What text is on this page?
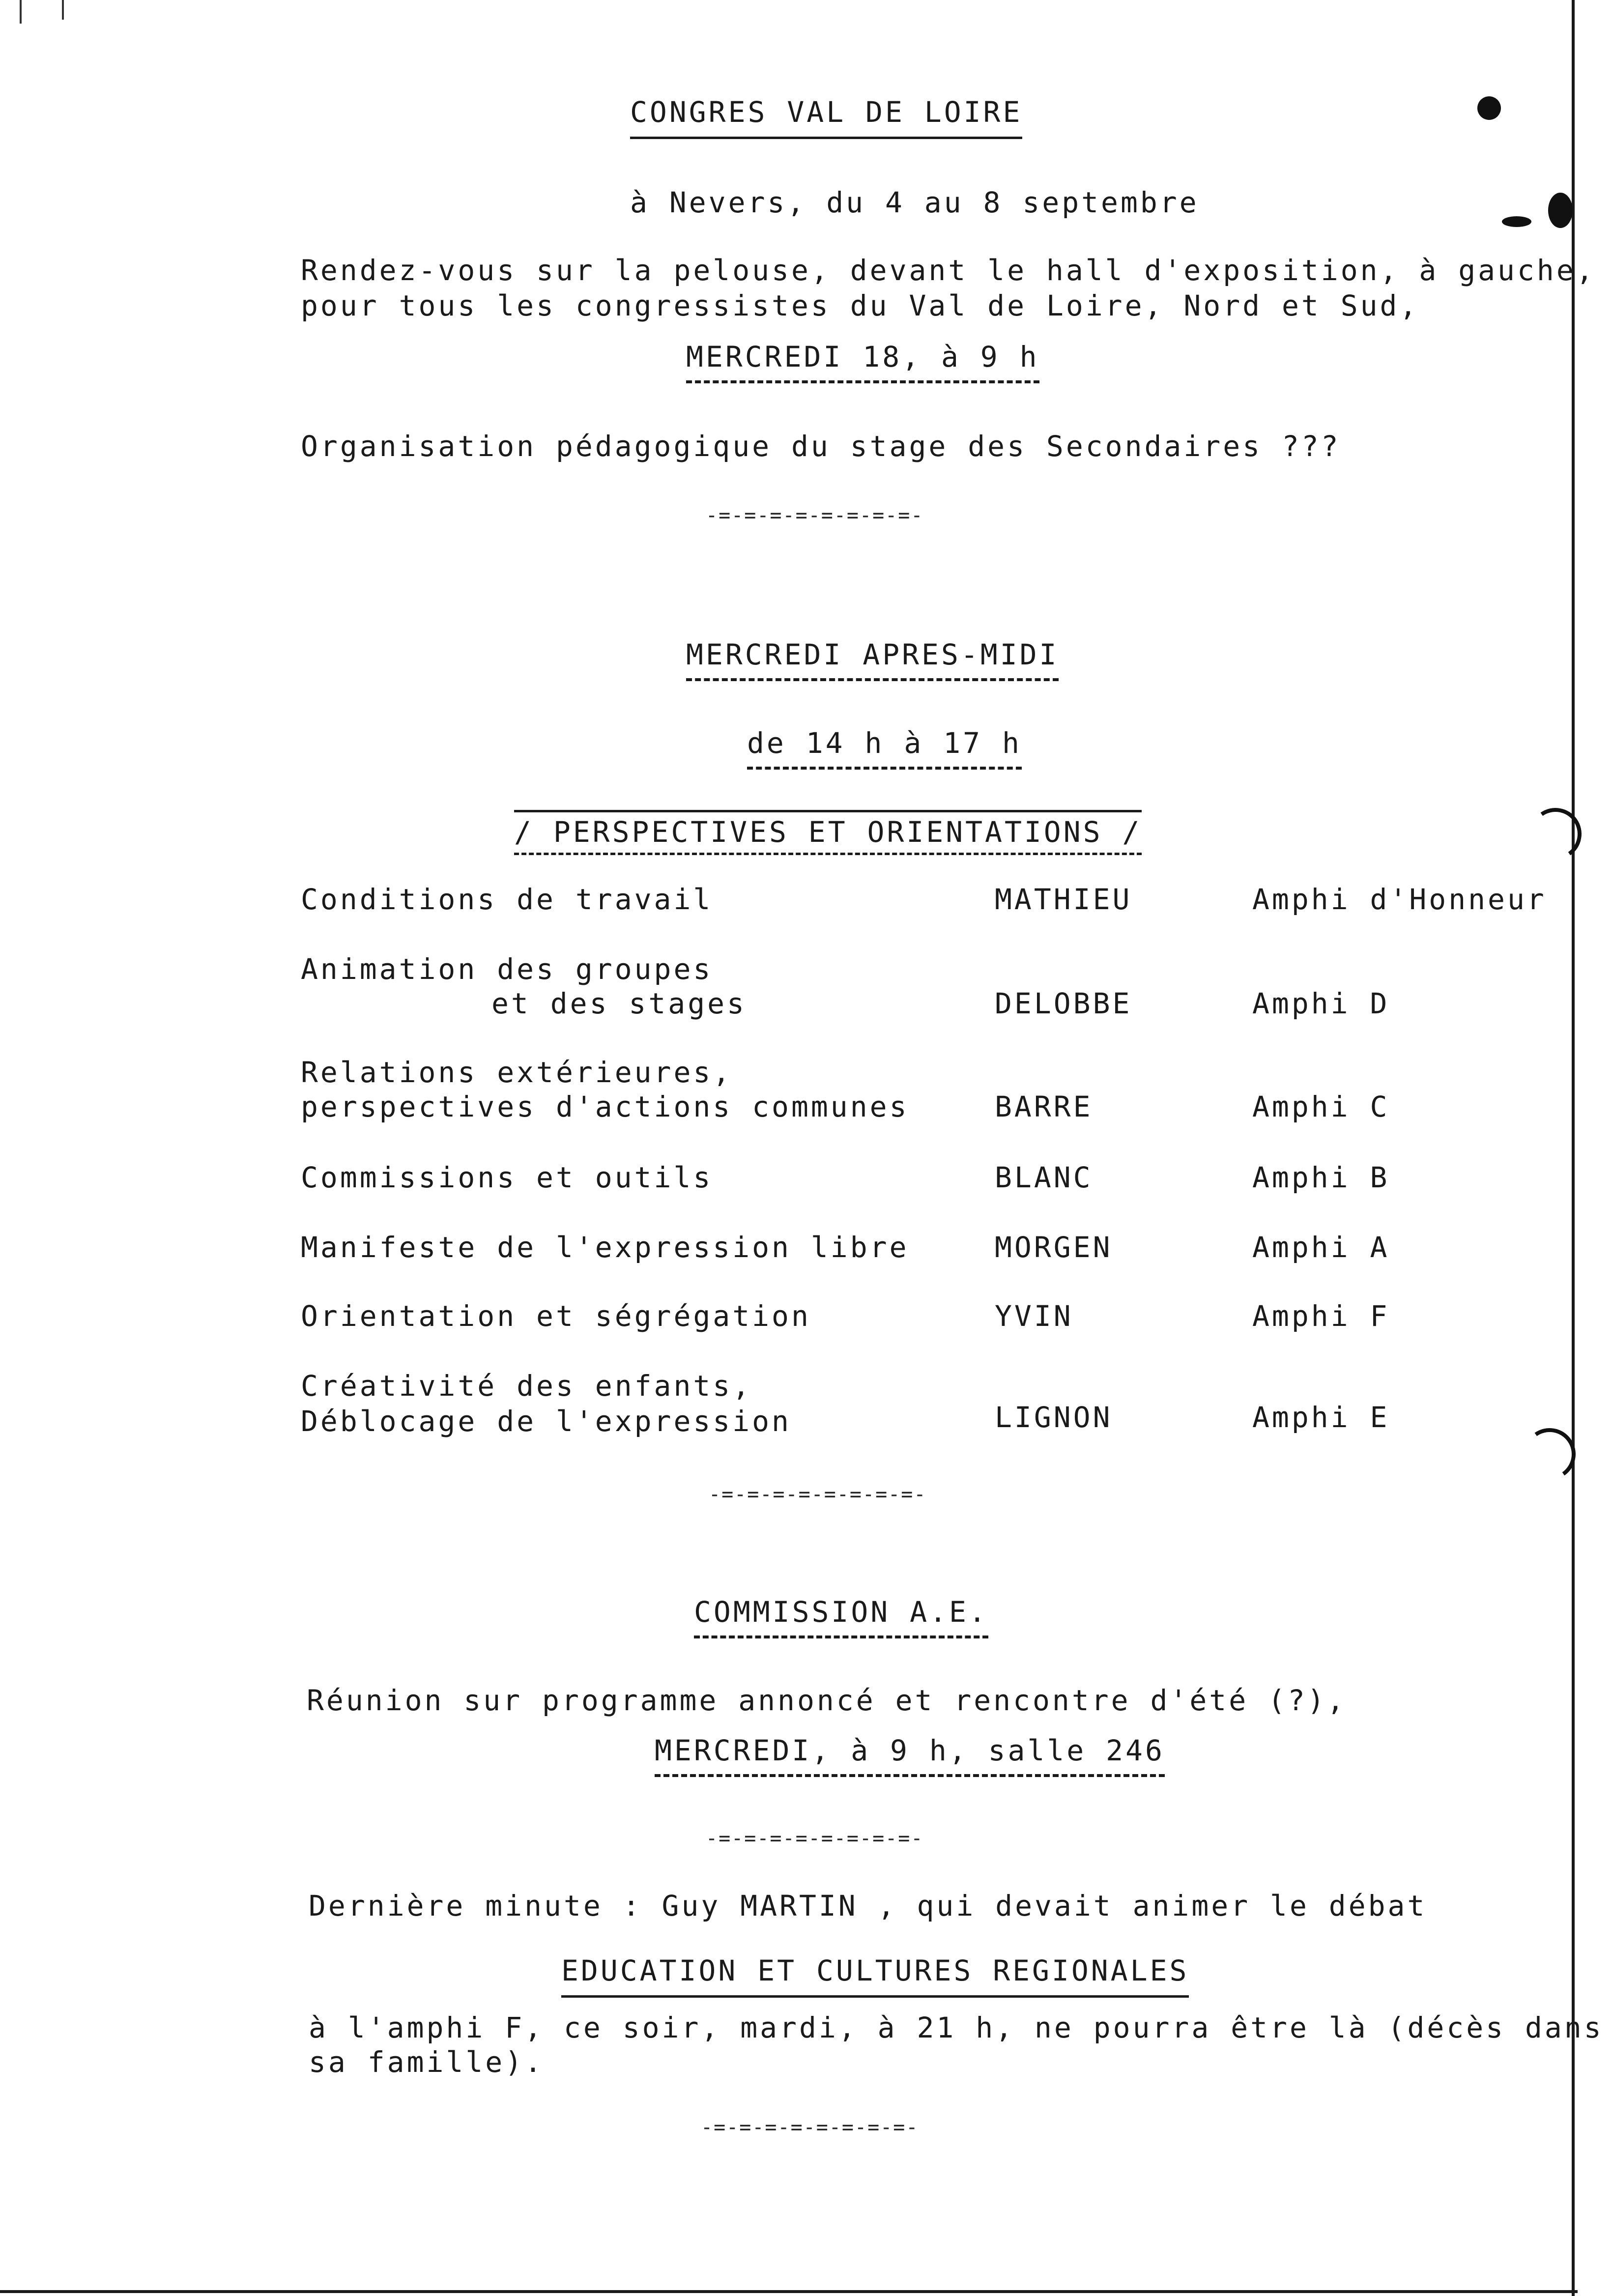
CONGRES VAL DE LOIRE
à Nevers, du 4 au 8 septembre
Rendez-vous sur la pelouse, devant le hall d'exposition, à gauche,
pour tous les congressistes du Val de Loire, Nord et Sud,
MERCREDI 18, à 9 h
Organisation pédagogique du stage des Secondaires ???
-=-=-=-=-=-=-=-=-
MERCREDI APRES-MIDI
de 14 h à 17 h
/ PERSPECTIVES ET ORIENTATIONS /
Conditions de travail	MATHIEU	Amphi d'Honneur
Animation des groupes
et des stages	DELOBBE	Amphi D
Relations extérieures,
perspectives d'actions communes	BARRE	Amphi C
Commissions et outils	BLANC	Amphi B
Manifeste de l'expression libre	MORGEN	Amphi A
Orientation et ségrégation	YVIN	Amphi F
Créativité des enfants,
Déblocage de l'expression	LIGNON	Amphi E
-=-=-=-=-=-=-=-=-
COMMISSION A.E.
Réunion sur programme annoncé et rencontre d'été (?),
MERCREDI, à 9 h, salle 246
-=-=-=-=-=-=-=-=-
Dernière minute : Guy MARTIN , qui devait animer le débat
EDUCATION ET CULTURES REGIONALES
à l'amphi F, ce soir, mardi, à 21 h, ne pourra être là (décès dans
sa famille).
-=-=-=-=-=-=-=-=-
